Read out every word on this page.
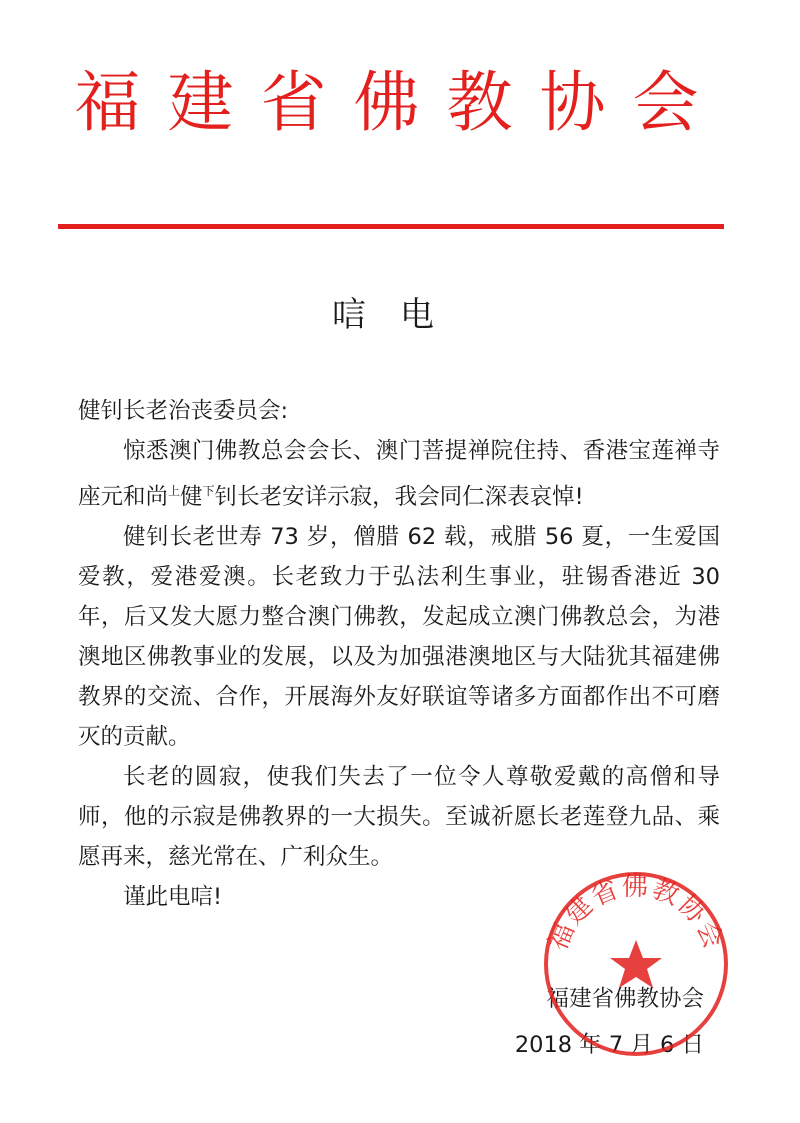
福建省佛教协会
唁电

健钊长老治丧委员会:

惊悉澳门佛教总会会长、澳门菩提禅院住持、香港宝莲禅寺座元和尚$^上$健$^下$钊长老安详示寂，我会同仁深表哀悼!

健钊长老世寿 73 岁，僧腊 62 载，戒腊 56 夏，一生爱国爱教，爱港爱澳。长老致力于弘法利生事业，驻锡香港近 30 年，后又发大愿力整合澳门佛教，发起成立澳门佛教总会，为港澳地区佛教事业的发展，以及为加强港澳地区与大陆犹其福建佛教界的交流、合作，开展海外友好联谊等诸多方面都作出不可磨灭的贡献。

长老的圆寂，使我们失去了一位令人尊敬爱戴的高僧和导师，他的示寂是佛教界的一大损失。至诚祈愿长老莲登九品、乘愿再来，慈光常在、广利众生。

谨此电唁!

福建省佛教协会
2018 年 7 月 6 日
福建省佛教协会
